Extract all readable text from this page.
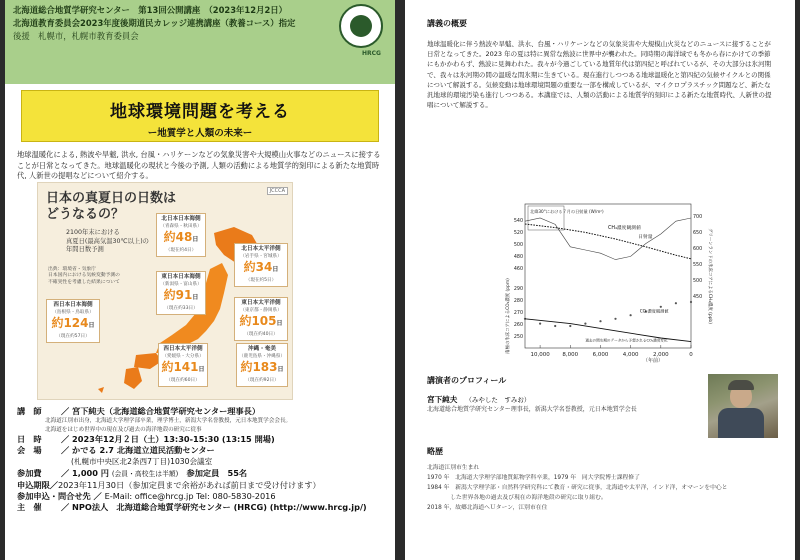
北海道総合地質学研究センター　第13回公開講座　（2023年12月2日）
北海道教育委員会2023年度後期道民カレッジ連携講座（教養コース）指定
後援　札幌市，札幌市教育委員会
HRCG
地球環境問題を考える
ー地質学と人類の未来ー
地球温暖化による, 熱波や旱魃, 洪水, 台風・ハリケーンなどの気象災害や大規模山火事などのニュースに接することが日常となってきた。地球温暖化の現状と今後の予測, 人類の活動による地質学的刻印による新たな地質時代, 人新世の提唱などについて紹介する。
JCCCA
日本の真夏日の日数は
どうなるの？
2100年末における
真夏日(最高気温30℃以上)の
年間日数予測
出典：環境省・気象庁
日本国内における気候変動予測の
不確実性を考慮した結果について
北日本日本海側
（青森県・秋田県）
約48日
（現在約4日）	北日本太平洋側
（岩手県・宮城県）
約34日
（現在約5日）
東日本日本海側
（新潟県・富山県）
約91日
（現在約33日）
東日本太平洋側
（東京都・静岡県）
約105日
（現在約40日）
西日本日本海側
（島根県・鳥取県）
約124日
（現在約57日）
西日本太平洋側
（愛媛県・大分県）
約141日
（現在約60日）
沖縄・奄美
（鹿児島県・沖縄県）
約183日
（現在約92日）
講　師 ／ 宮下純夫（北海道総合地質学研究センター理事長）
北海道江別市出身，北海道大学理学部卒業，理学博士，新潟大学名誉教授，元日本地質学会会長。
北海道をはじめ世界中の現在及び過去の海洋地殻の研究に従事
日　時 ／ 2023年12月２日（土）13:30-15:30 (13:15 開場)
会　場 ／ かでる 2.7 北海道立道民活動センター
(札幌市中央区北2条西7丁目)1030会議室
参加費 ／ 1,000 円 (会員・高校生は半額)　 参加定員　 55名
申込期限／2023年11月30日（参加定員まで余裕があれば前日まで受け付けます）
参加申込・問合せ先 ／ E-Mail: office@hrcg.jp Tel: 080-5830-2016
主　催 ／ NPO法人　北海道総合地質学研究センター (HRCG) (http://www.hrcg.jp/)
講義の概要
地球温暖化に伴う熱波や旱魃、洪水、台風・ハリケーンなどの気象災害や大規模山火災などのニュースに接することが日常となってきた。2023 年の夏は特に異常な熱波に世界中が襲われた。同時期の海洋域でも冬から春にかけての季節にもかかわらず、熱波に見舞われた。我々が今過ごしている地質年代は第四紀と呼ばれているが、その大部分は氷河期で、我々は氷河期の間の温暖な間氷期に生きている。現在進行しつつある地球温暖化と第四紀の気候サイクルとの関係について解説する。気候変動は地球環境問題の重要な一部を構成しているが、マイクロプラスチック問題など、新たな汎地球的環境汚染も進行しつつある。本講座では、人類の活動による地質学的刻印による新たな地質時代、人新世の提唱について解説する。
10,000 8,000	6,000	4,000	2,000	0
（年前）
540
520
500
480
460
290
280
270
260
250
700
650
600
550
500
450
南極の氷床コアによるCO₂濃度 (ppm)	グリーンランドの氷床コアによるCH₄濃度 (ppb)
北緯30°における７月の日射量 (W/m²)
日射量
CH₄濃度観測値
CO₂濃度観測値
過去の間氷期のデータから予想されるCO₂濃度変化
講演者のプロフィール
宮下純夫 （みやした　すみお）
北海道総合地質学研究センター理事長，新潟大学名誉教授，元日本地質学会長
略歴
北海道江別市生まれ
1970 年　北海道大学理学部地質鉱物学科卒業，1979 年　同大学院博士課程修了
1984 年　新潟大学理学部・自然科学研究科にて教育・研究に従事，北海道や太平洋，インド洋，オマーンを中心と
　　　　した世界各地の過去及び現在の海洋地殻の研究に取り組む。
2018 年，故郷北海道へＵターン，江別市在住
